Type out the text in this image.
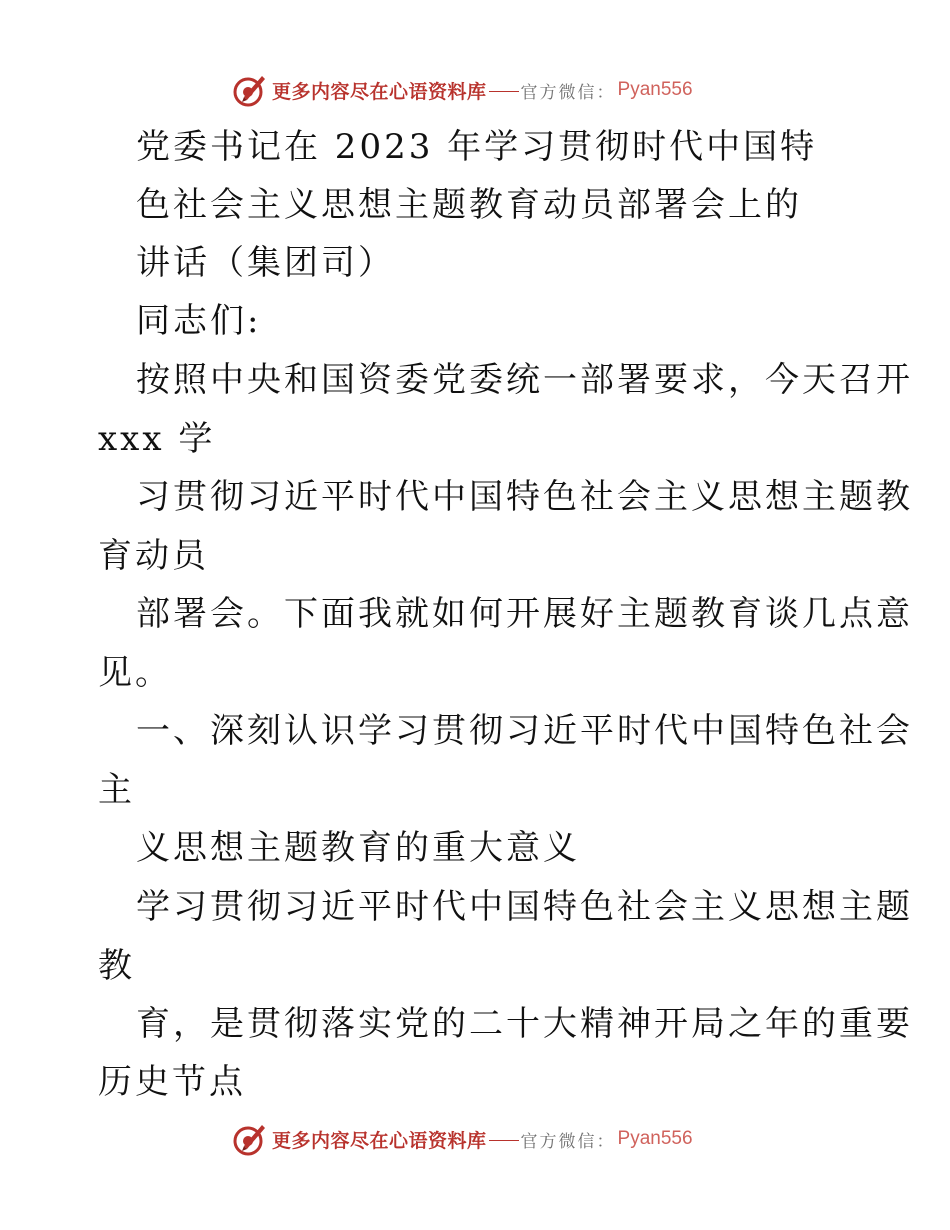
更多内容尽在心语资料库 官方微信： Pyan556
党委书记在 2023 年学习贯彻时代中国特
色社会主义思想主题教育动员部署会上的
讲话（集团司）
同志们:
按照中央和国资委党委统一部署要求，今天召开
xxx 学
习贯彻习近平时代中国特色社会主义思想主题教
育动员
部署会。下面我就如何开展好主题教育谈几点意
见。
一、深刻认识学习贯彻习近平时代中国特色社会
主
义思想主题教育的重大意义
学习贯彻习近平时代中国特色社会主义思想主题
教
育，是贯彻落实党的二十大精神开局之年的重要
历史节点
更多内容尽在心语资料库 官方微信： Pyan556
